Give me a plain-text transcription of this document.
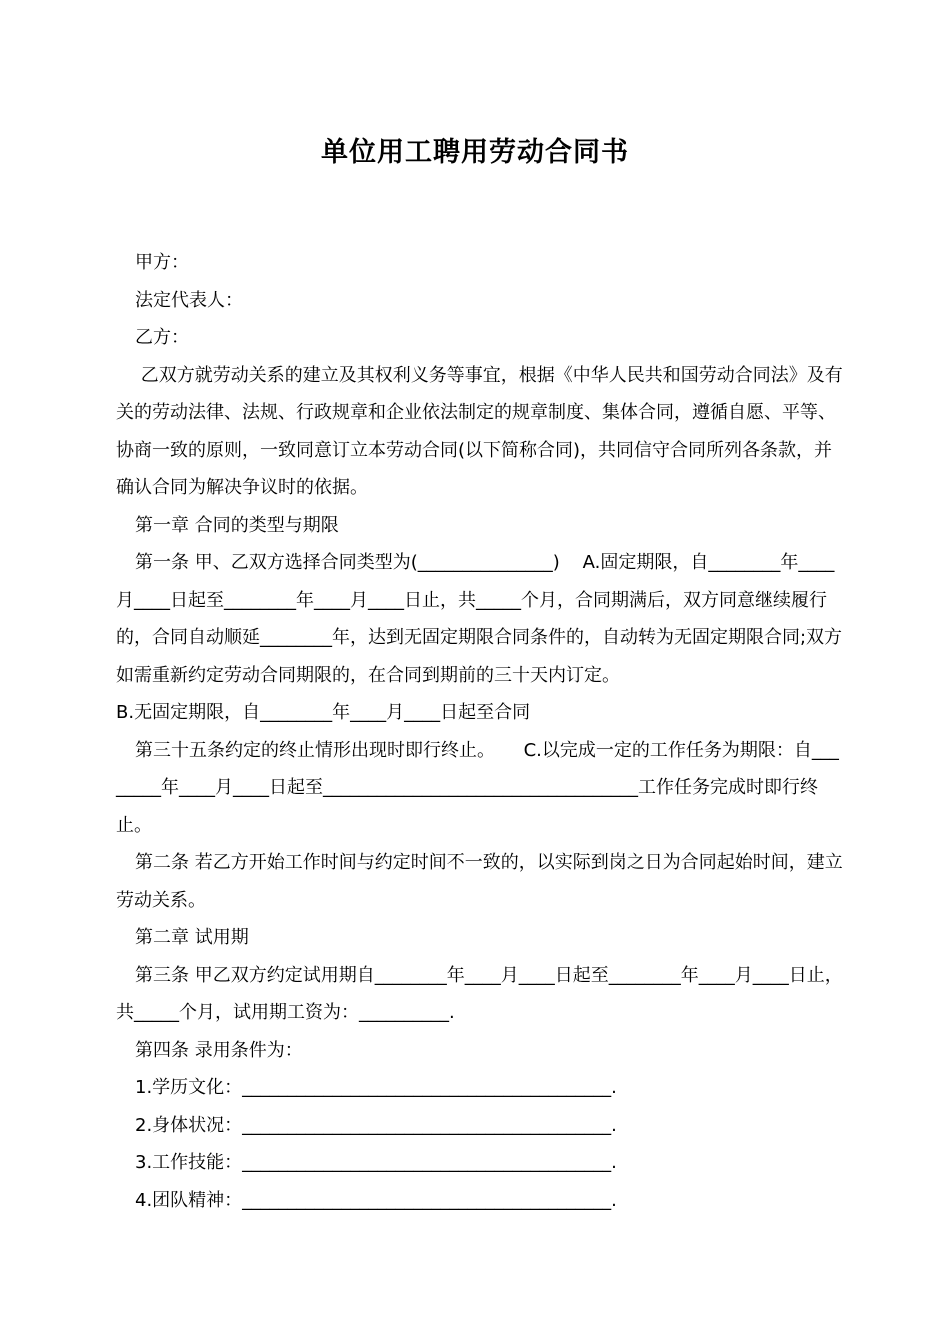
单位用工聘用劳动合同书

甲方：

法定代表人：

乙方：

乙双方就劳动关系的建立及其权利义务等事宜，根据《中华人民共和国劳动合同法》及有关的劳动法律、法规、行政规章和企业依法制定的规章制度、集体合同，遵循自愿、平等、协商一致的原则，一致同意订立本劳动合同(以下简称合同)，共同信守合同所列各条款，并确认合同为解决争议时的依据。

第一章 合同的类型与期限

第一条 甲、乙双方选择合同类型为(_______________)    A.固定期限，自________年____月____日起至________年____月____日止，共_____个月，合同期满后，双方同意继续履行的，合同自动顺延________年，达到无固定期限合同条件的，自动转为无固定期限合同;双方如需重新约定劳动合同期限的，在合同到期前的三十天内订定。

B.无固定期限，自________年____月____日起至合同

第三十五条约定的终止情形出现时即行终止。     C.以完成一定的工作任务为期限：自________年____月____日起至___________________________________工作任务完成时即行终止。

第二条 若乙方开始工作时间与约定时间不一致的，以实际到岗之日为合同起始时间，建立劳动关系。

第二章 试用期

第三条 甲乙双方约定试用期自________年____月____日起至________年____月____日止，共_____个月，试用期工资为：__________.

第四条 录用条件为：

1.学历文化：_________________________________________.

2.身体状况：_________________________________________.

3.工作技能：_________________________________________.

4.团队精神：_________________________________________.
